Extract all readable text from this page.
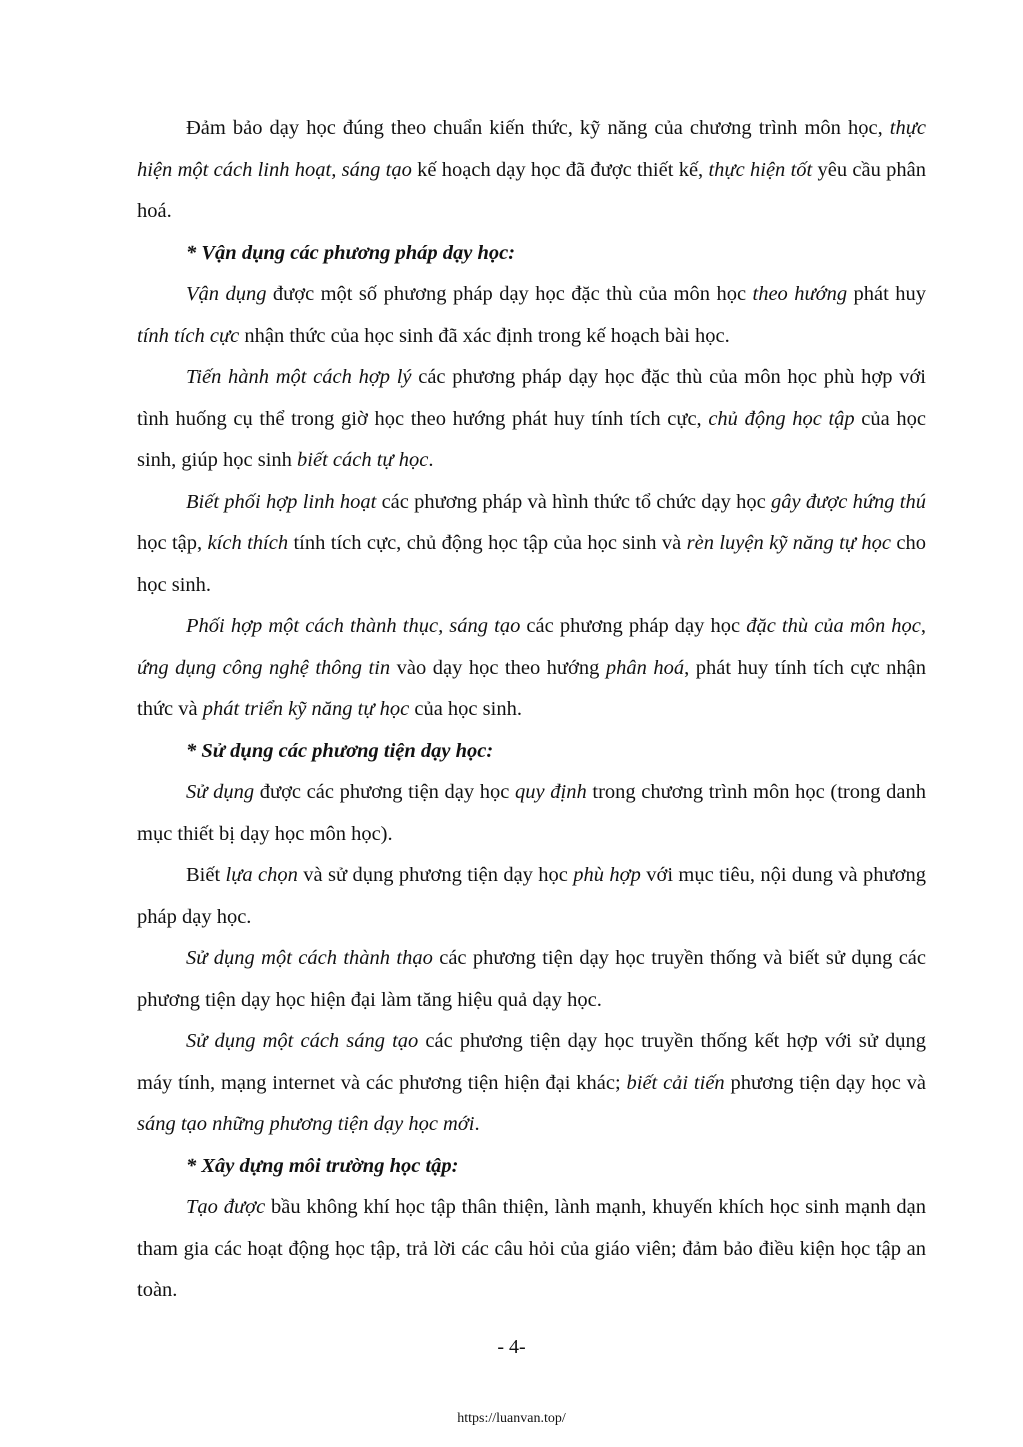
Đảm bảo dạy học đúng theo chuẩn kiến thức, kỹ năng của chương trình môn học, thực hiện một cách linh hoạt, sáng tạo kế hoạch dạy học đã được thiết kế, thực hiện tốt yêu cầu phân hoá.

* Vận dụng các phương pháp dạy học:

Vận dụng được một số phương pháp dạy học đặc thù của môn học theo hướng phát huy tính tích cực nhận thức của học sinh đã xác định trong kế hoạch bài học.

Tiến hành một cách hợp lý các phương pháp dạy học đặc thù của môn học phù hợp với tình huống cụ thể trong giờ học theo hướng phát huy tính tích cực, chủ động học tập của học sinh, giúp học sinh biết cách tự học.

Biết phối hợp linh hoạt các phương pháp và hình thức tổ chức dạy học gây được hứng thú học tập, kích thích tính tích cực, chủ động học tập của học sinh và rèn luyện kỹ năng tự học cho học sinh.

Phối hợp một cách thành thục, sáng tạo các phương pháp dạy học đặc thù của môn học, ứng dụng công nghệ thông tin vào dạy học theo hướng phân hoá, phát huy tính tích cực nhận thức và phát triển kỹ năng tự học của học sinh.

* Sử dụng các phương tiện dạy học:

Sử dụng được các phương tiện dạy học quy định trong chương trình môn học (trong danh mục thiết bị dạy học môn học).

Biết lựa chọn và sử dụng phương tiện dạy học phù hợp với mục tiêu, nội dung và phương pháp dạy học.

Sử dụng một cách thành thạo các phương tiện dạy học truyền thống và biết sử dụng các phương tiện dạy học hiện đại làm tăng hiệu quả dạy học.

Sử dụng một cách sáng tạo các phương tiện dạy học truyền thống kết hợp với sử dụng máy tính, mạng internet và các phương tiện hiện đại khác; biết cải tiến phương tiện dạy học và sáng tạo những phương tiện dạy học mới.

* Xây dựng môi trường học tập:

Tạo được bầu không khí học tập thân thiện, lành mạnh, khuyến khích học sinh mạnh dạn tham gia các hoạt động học tập, trả lời các câu hỏi của giáo viên; đảm bảo điều kiện học tập an toàn.

- 4-
https://luanvan.top/
